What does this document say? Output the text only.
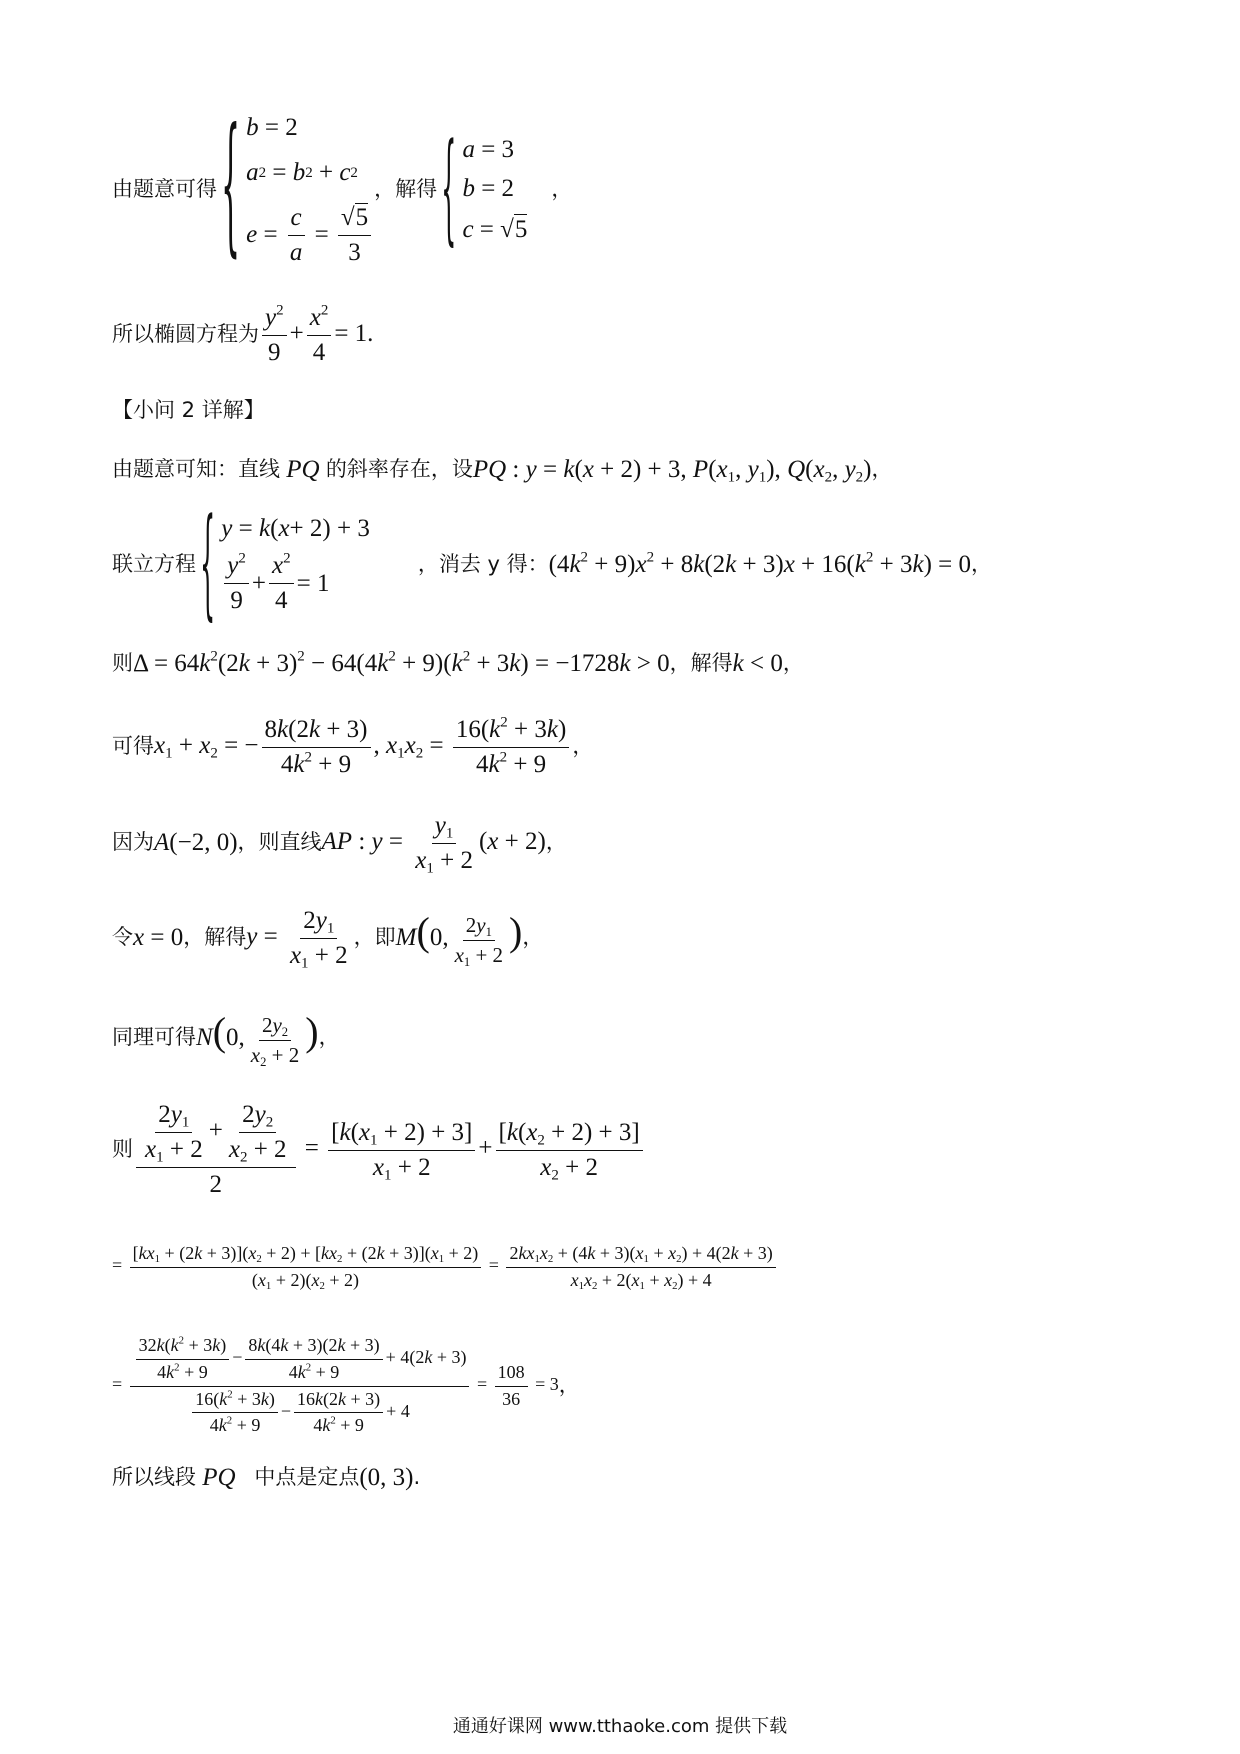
由题意可得 { b = 2
a 2 = b 2 + c 2
$e = \frac{c}{a} = \frac{√5}{3}$
，解得 { a = 3
b = 2
c = √ 5
，
所以椭圆方程为 $\frac{y^2}{9} + \frac{x^2}{4} = 1$.
【小问 2 详解】
由题意可知：直线 PQ 的斜率存在，设 PQ : y = k(x + 2) + 3, $P(x_1$, $y_1$), $Q(x_2$, $y_2$) ，
联立方程 { y = k ( x + 2) + 3
$\frac{y^2}{9} + \frac{x^2}{4} = 1$
，消去 y 得： $(4k^2 + 9)x^2 + 8k(2k + 3)x + 16(k^2 + 3k) = 0$ ，
则 $\Delta = 64k^2(2k + 3)^2 - 64(4k^2 + 9)(k^2 + 3k) = -1728k > 0$ ，解得 k < 0 ，
可得 $x_1 + x_2$ = − $\frac{8k(2k + 3)}{4k^2 + 9}$ , $x_1x_2 = \frac{16(k^2 + 3k)}{4k^2 + 9}$ ，
因为 A(−2, 0) ，则直线 AP : $y = \frac{y_1}{x_1 + 2} (x + 2)$ ，
令 x = 0 ，解得 $y = \frac{2y_1}{x_1 + 2}$ ，即 M(0, $\frac{2y_1}{x_1 + 2}$ ) ，
同理可得 N(0, $\frac{2y_2}{x_2 + 2}$ ) ，
则 $\frac{\frac{2y_1}{x_1 + 2} + \frac{2y_2}{x_2 + 2}}{2} = \frac{[k(x_1 + 2) + 3]}{x_1 + 2} + \frac{[k(x_2 + 2) + 3]}{x_2 + 2}$
= $\frac{[kx_1 + (2k + 3)](x_2 + 2) + [kx_2 + (2k + 3)](x_1 + 2)}{(x_1 + 2)(x_2 + 2)} = \frac{2kx_1x_2 + (4k + 3)(x_1 + x_2) + 4(2k + 3)}{x_1x_2 + 2(x_1 + x_2) + 4}$
= $\frac{\frac{32k(k^2 + 3k)}{4k^2 + 9} - \frac{8k(4k + 3)(2k + 3)}{4k^2 + 9} + 4(2k + 3)}{\frac{16(k^2 + 3k)}{4k^2 + 9} - \frac{16k(2k + 3)}{4k^2 + 9} + 4} = \frac{108}{36} = 3$ ，
所以线段 PQ 中点是定点 (0, 3) .
通通好课网 www.tthaoke.com 提供下载
